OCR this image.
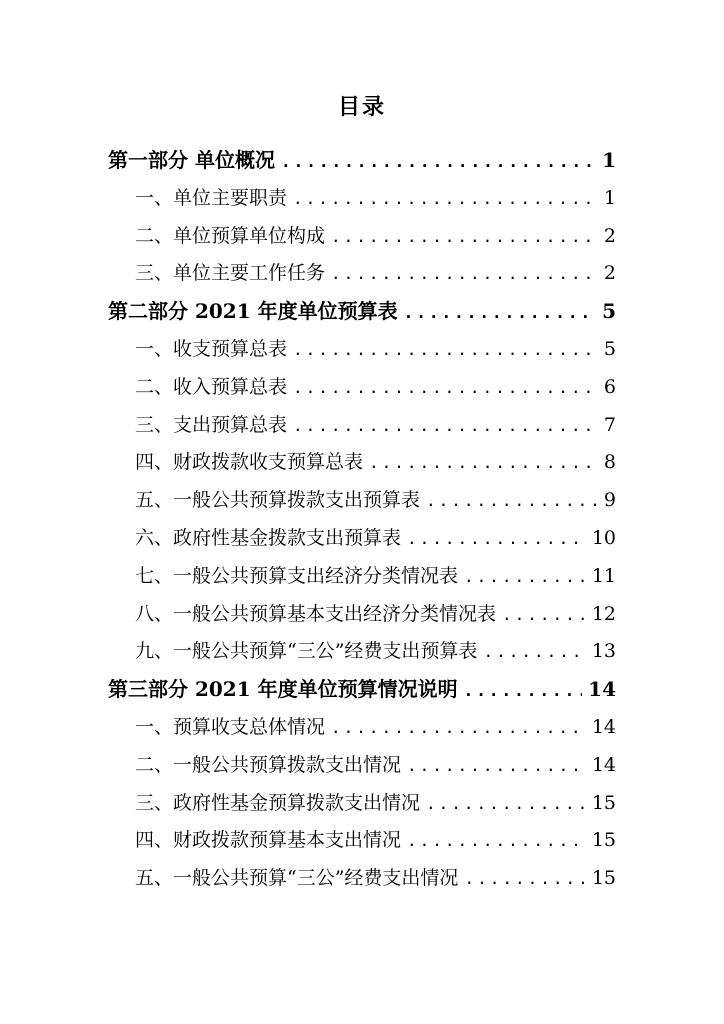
目录
第一部分 单位概况 .....	1
一、单位主要职责 .....	1
二、单位预算单位构成 .....	2
三、单位主要工作任务 .....	2
第二部分 2021 年度单位预算表 .....	5
一、收支预算总表 .....	5
二、收入预算总表 .....	6
三、支出预算总表 .....	7
四、财政拨款收支预算总表 .....	8
五、一般公共预算拨款支出预算表 .....	9
六、政府性基金拨款支出预算表 .....	10
七、一般公共预算支出经济分类情况表 .....	11
八、一般公共预算基本支出经济分类情况表 .....	12
九、一般公共预算“三公”经费支出预算表 .....	13
第三部分 2021 年度单位预算情况说明 .....	14
一、预算收支总体情况 .....	14
二、一般公共预算拨款支出情况 .....	14
三、政府性基金预算拨款支出情况 .....	15
四、财政拨款预算基本支出情况 .....	15
五、一般公共预算“三公”经费支出情况 .....	15
